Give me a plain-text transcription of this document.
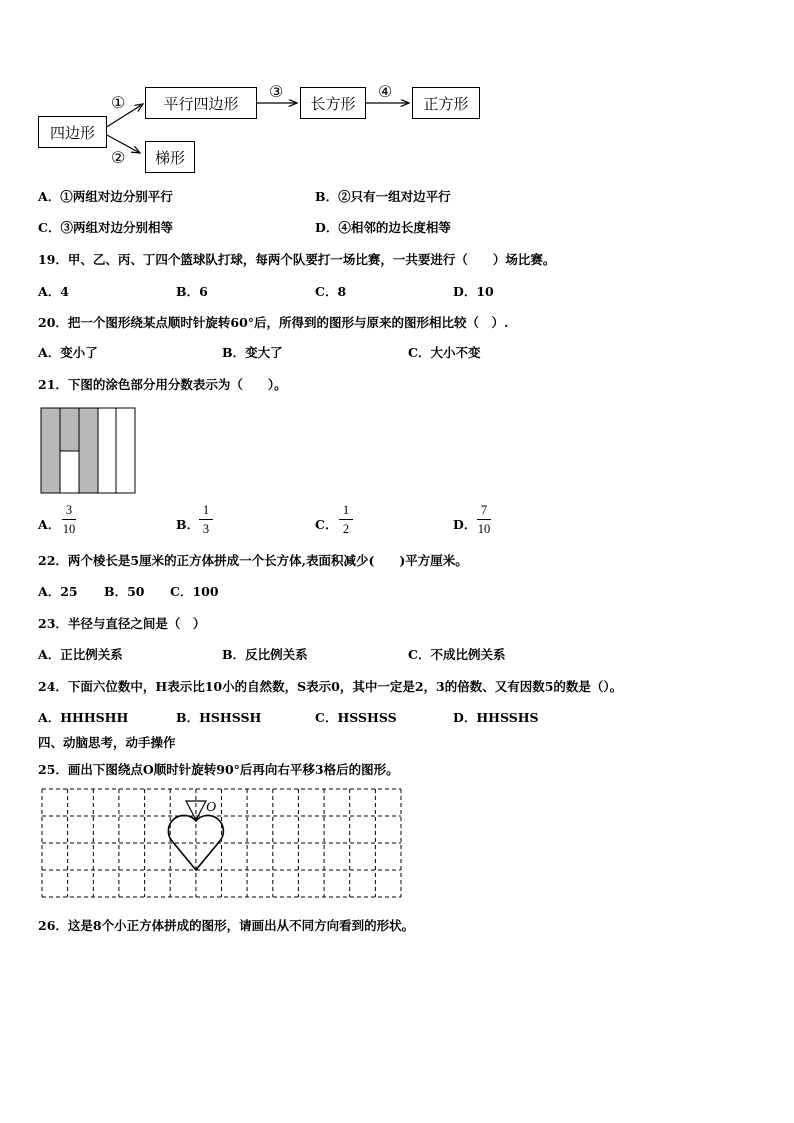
四边形
平行四边形	长方形	正方形
梯形
①
②
③	④
A．①两组对边分别平行	B．②只有一组对边平行
C．③两组对边分别相等	D．④相邻的边长度相等
19．甲、乙、丙、丁四个篮球队打球，每两个队要打一场比赛，一共要进行（　　）场比赛。
A．4	B．6	C．8	D．10
20．把一个图形绕某点顺时针旋转60°后，所得到的图形与原来的图形相比较（　）.
A．变小了	B．变大了	C．大小不变
21．下图的涂色部分用分数表示为（　　）。
A．
3
10	B．
1
3	C．
1
2	D．
7
10
22．两个棱长是5厘米的正方体拼成一个长方体,表面积减少(　　)平方厘米。
A．25 B．50 C．100
23．半径与直径之间是（　）
A．正比例关系	B．反比例关系	C．不成比例关系
24．下面六位数中，H表示比10小的自然数，S表示0，其中一定是2，3的倍数、又有因数5的数是（）。
A．HHHSHH	B．HSHSSH	C．HSSHSS	D．HHSSHS
四、动脑思考，动手操作
25．画出下图绕点O顺时针旋转90°后再向右平移3格后的图形。
O
26．这是8个小正方体拼成的图形，请画出从不同方向看到的形状。
